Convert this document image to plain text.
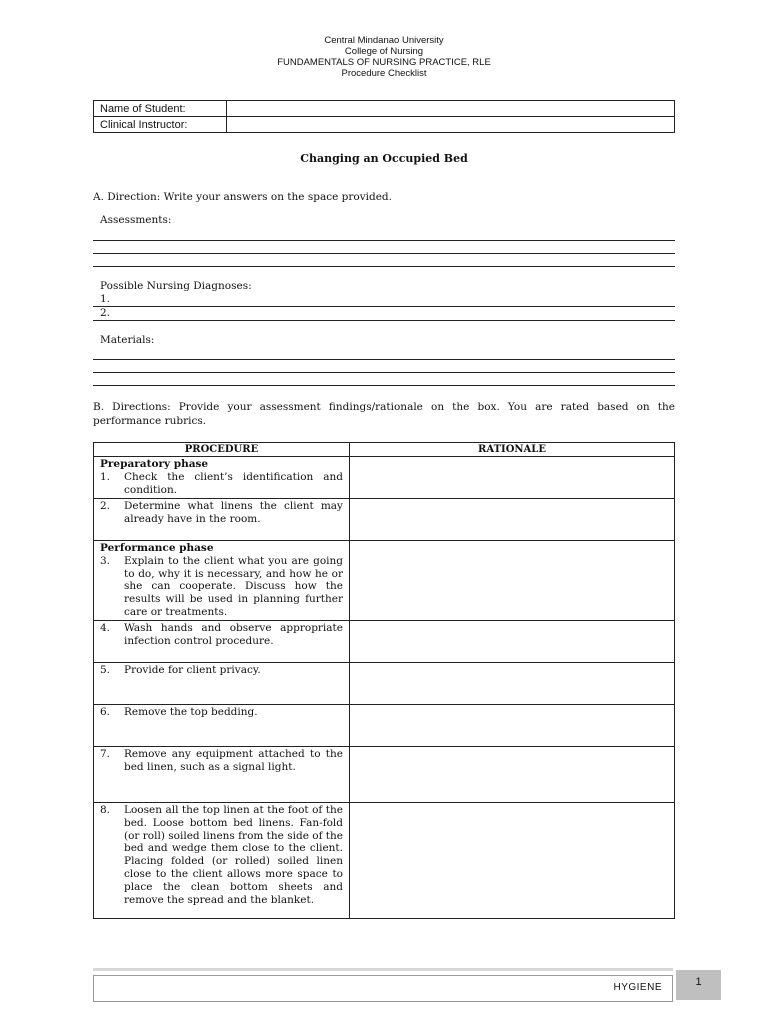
Central Mindanao University
College of Nursing
FUNDAMENTALS OF NURSING PRACTICE, RLE
Procedure Checklist
Name of Student:	
Clinical Instructor:	
Changing an Occupied Bed
A. Direction: Write your answers on the space provided.
Assessments:
Possible Nursing Diagnoses:
1.
2.
Materials:
B. Directions: Provide your assessment findings/rationale on the box. You are rated based on the performance rubrics.
PROCEDURE	RATIONALE

Preparatory phase
1. Check the client’s identification and condition.	

2. Determine what linens the client may already have in the room.	

Performance phase
3. Explain to the client what you are going to do, why it is necessary, and how he or she can cooperate. Discuss how the results will be used in planning further care or treatments.	

4. Wash hands and observe appropriate infection control procedure.	

5. Provide for client privacy.	

6. Remove the top bedding.	

7. Remove any equipment attached to the bed linen, such as a signal light.	

8. Loosen all the top linen at the foot of the bed. Loose bottom bed linens. Fan-fold (or roll) soiled linens from the side of the bed and wedge them close to the client. Placing folded (or rolled) soiled linen close to the client allows more space to place the clean bottom sheets and remove the spread and the blanket.	

HYGIENE	1
